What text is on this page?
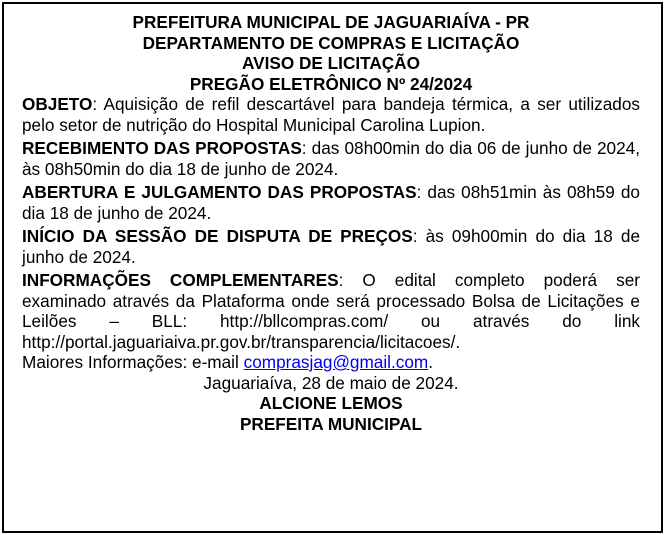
PREFEITURA MUNICIPAL DE JAGUARIAÍVA - PR
DEPARTAMENTO DE COMPRAS E LICITAÇÃO
AVISO DE LICITAÇÃO
PREGÃO ELETRÔNICO Nº 24/2024
OBJETO: Aquisição de refil descartável para bandeja térmica, a ser utilizados pelo setor de nutrição do Hospital Municipal Carolina Lupion.
RECEBIMENTO DAS PROPOSTAS: das 08h00min do dia 06 de junho de 2024, às 08h50min do dia 18 de junho de 2024.
ABERTURA E JULGAMENTO DAS PROPOSTAS: das 08h51min às 08h59 do dia 18 de junho de 2024.
INÍCIO DA SESSÃO DE DISPUTA DE PREÇOS: às 09h00min do dia 18 de junho de 2024.
INFORMAÇÕES COMPLEMENTARES: O edital completo poderá ser examinado através da Plataforma onde será processado Bolsa de Licitações e Leilões – BLL: http://bllcompras.com/ ou através do link http://portal.jaguariaiva.pr.gov.br/transparencia/licitacoes/.
Maiores Informações: e-mail comprasjag@gmail.com.
Jaguariaíva, 28 de maio de 2024.
ALCIONE LEMOS
PREFEITA MUNICIPAL
